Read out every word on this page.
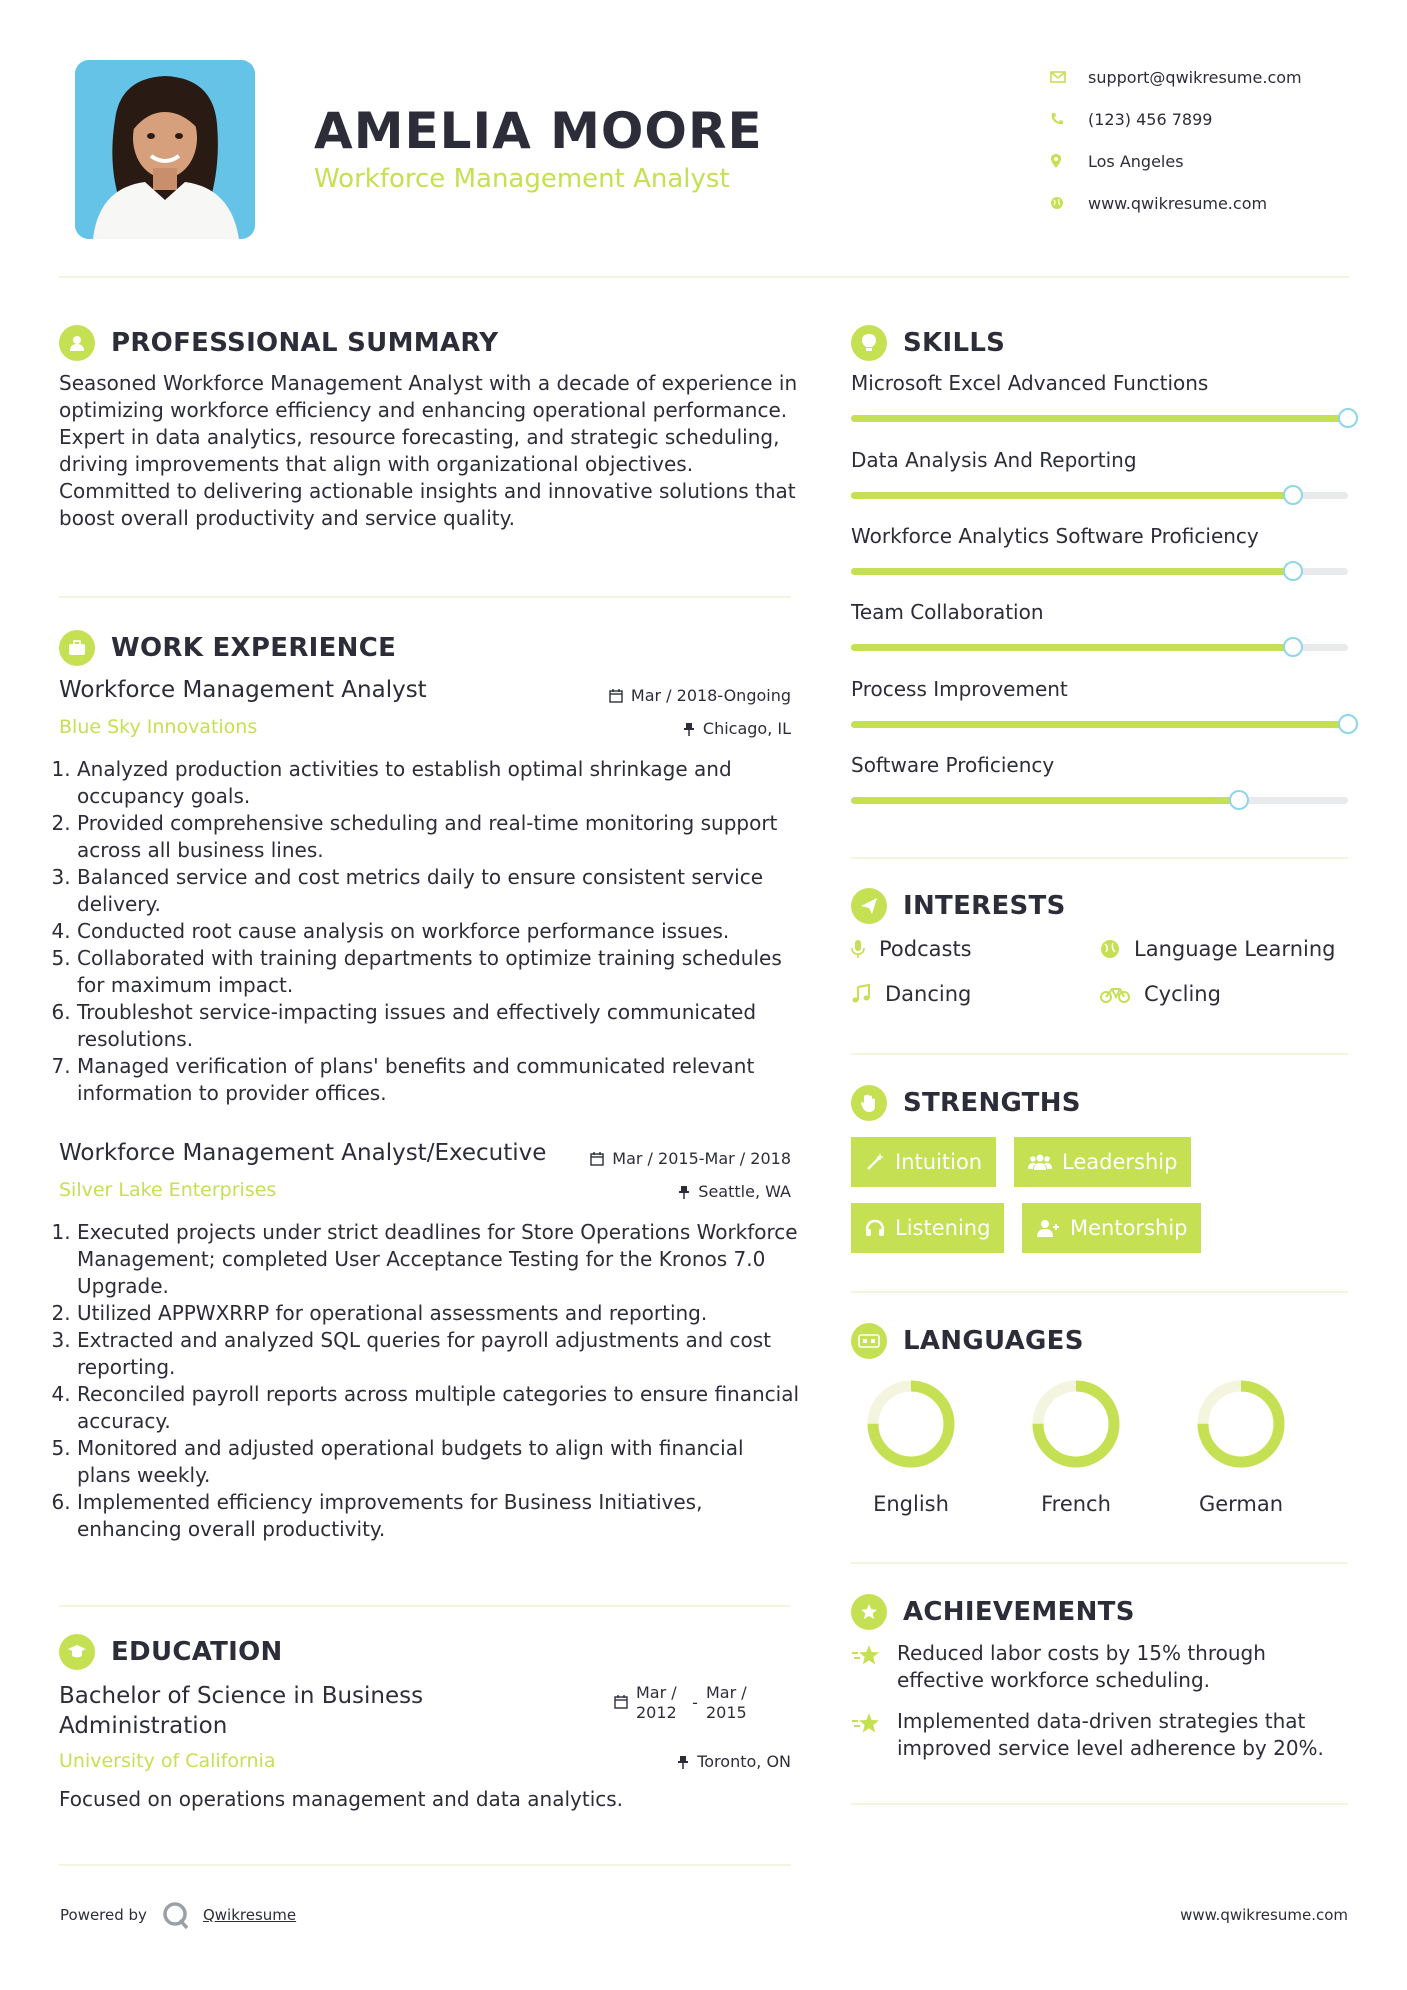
AMELIA MOORE
Workforce Management Analyst
support@qwikresume.com
(123) 456 7899
Los Angeles
www.qwikresume.com
PROFESSIONAL SUMMARY
Seasoned Workforce Management Analyst with a decade of experience in optimizing workforce efficiency and enhancing operational performance. Expert in data analytics, resource forecasting, and strategic scheduling, driving improvements that align with organizational objectives. Committed to delivering actionable insights and innovative solutions that boost overall productivity and service quality.
WORK EXPERIENCE
Workforce Management Analyst	Mar / 2018-Ongoing
Blue Sky Innovations	Chicago, IL
1. Analyzed production activities to establish optimal shrinkage and occupancy goals.
2. Provided comprehensive scheduling and real-time monitoring support across all business lines.
3. Balanced service and cost metrics daily to ensure consistent service delivery.
4. Conducted root cause analysis on workforce performance issues.
5. Collaborated with training departments to optimize training schedules for maximum impact.
6. Troubleshot service-impacting issues and effectively communicated resolutions.
7. Managed verification of plans' benefits and communicated relevant information to provider offices.
Workforce Management Analyst/Executive	Mar / 2015-Mar / 2018
Silver Lake Enterprises	Seattle, WA
1. Executed projects under strict deadlines for Store Operations Workforce Management; completed User Acceptance Testing for the Kronos 7.0 Upgrade.
2. Utilized APPWXRRP for operational assessments and reporting.
3. Extracted and analyzed SQL queries for payroll adjustments and cost reporting.
4. Reconciled payroll reports across multiple categories to ensure financial accuracy.
5. Monitored and adjusted operational budgets to align with financial plans weekly.
6. Implemented efficiency improvements for Business Initiatives, enhancing overall productivity.
EDUCATION
Bachelor of Science in Business Administration
Mar / 2012
-
Mar / 2015
University of California	Toronto, ON
Focused on operations management and data analytics.
SKILLS
Microsoft Excel Advanced Functions
Data Analysis And Reporting
Workforce Analytics Software Proficiency
Team Collaboration
Process Improvement
Software Proficiency
INTERESTS
Podcasts	Language Learning
Dancing	Cycling
STRENGTHS
Intuition	Leadership
Listening	Mentorship
LANGUAGES
English	French	German
ACHIEVEMENTS
Reduced labor costs by 15% through effective workforce scheduling.
Implemented data-driven strategies that improved service level adherence by 20%.
Powered by	Qwikresume	www.qwikresume.com
